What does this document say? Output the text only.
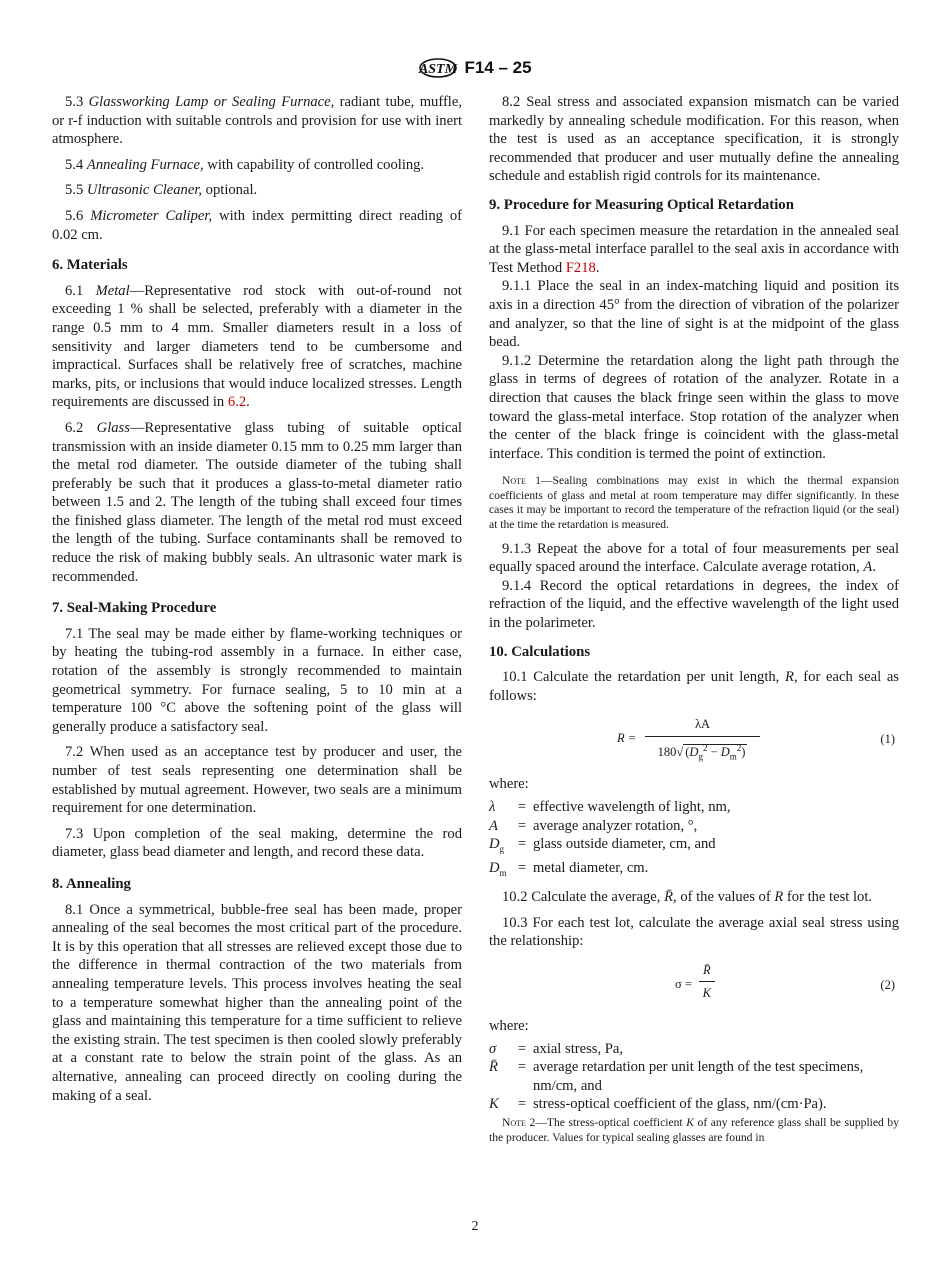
ASTM F14 – 25

5.3 Glassworking Lamp or Sealing Furnace, radiant tube, muffle, or r-f induction with suitable controls and provision for use with inert atmosphere.

5.4 Annealing Furnace, with capability of controlled cooling.

5.5 Ultrasonic Cleaner, optional.

5.6 Micrometer Caliper, with index permitting direct reading of 0.02 cm.

6. Materials

6.1 Metal—Representative rod stock with out-of-round not exceeding 1 % shall be selected, preferably with a diameter in the range 0.5 mm to 4 mm. Smaller diameters result in a loss of sensitivity and larger diameters tend to be cumbersome and impractical. Surfaces shall be relatively free of scratches, machine marks, pits, or inclusions that would induce localized stresses. Length requirements are discussed in 6.2.

6.2 Glass—Representative glass tubing of suitable optical transmission with an inside diameter 0.15 mm to 0.25 mm larger than the metal rod diameter. The outside diameter of the tubing shall preferably be such that it produces a glass-to-metal diameter ratio between 1.5 and 2. The length of the tubing shall exceed four times the finished glass diameter. The length of the metal rod must exceed the length of the tubing. Surface contaminants shall be removed to reduce the risk of making bubbly seals. An ultrasonic water mark is recommended.

7. Seal-Making Procedure

7.1 The seal may be made either by flame-working techniques or by heating the tubing-rod assembly in a furnace. In either case, rotation of the assembly is strongly recommended to maintain geometrical symmetry. For furnace sealing, 5 to 10 min at a temperature 100 °C above the softening point of the glass will generally produce a satisfactory seal.

7.2 When used as an acceptance test by producer and user, the number of test seals representing one determination shall be established by mutual agreement. However, two seals are a minimum requirement for one determination.

7.3 Upon completion of the seal making, determine the rod diameter, glass bead diameter and length, and record these data.

8. Annealing

8.1 Once a symmetrical, bubble-free seal has been made, proper annealing of the seal becomes the most critical part of the procedure. It is by this operation that all stresses are relieved except those due to the difference in thermal contraction of the two materials from annealing temperature levels. This process involves heating the seal to a temperature somewhat higher than the annealing point of the glass and maintaining this temperature for a time sufficient to relieve the existing strain. The test specimen is then cooled slowly preferably at a constant rate to below the strain point of the glass. As an alternative, annealing can proceed directly on cooling during the making of a seal.

8.2 Seal stress and associated expansion mismatch can be varied markedly by annealing schedule modification. For this reason, when the test is used as an acceptance specification, it is strongly recommended that producer and user mutually define the annealing schedule and establish rigid controls for its maintenance.

9. Procedure for Measuring Optical Retardation

9.1 For each specimen measure the retardation in the annealed seal at the glass-metal interface parallel to the seal axis in accordance with Test Method F218.

9.1.1 Place the seal in an index-matching liquid and position its axis in a direction 45° from the direction of vibration of the polarizer and analyzer, so that the line of sight is at the midpoint of the glass bead.

9.1.2 Determine the retardation along the light path through the glass in terms of degrees of rotation of the analyzer. Rotate in a direction that causes the black fringe seen within the glass to move toward the glass-metal interface. Stop rotation of the analyzer when the center of the black fringe is coincident with the glass-metal interface. This condition is termed the point of extinction.

Note 1—Sealing combinations may exist in which the thermal expansion coefficients of glass and metal at room temperature may differ significantly. In these cases it may be important to record the temperature of the refraction liquid (or the seal) at the time the retardation is measured.

9.1.3 Repeat the above for a total of four measurements per seal equally spaced around the interface. Calculate average rotation, A.

9.1.4 Record the optical retardations in degrees, the index of refraction of the liquid, and the effective wavelength of the light used in the polarimeter.

10. Calculations

10.1 Calculate the retardation per unit length, R, for each seal as follows:

$R = \frac{\lambda A}{180√ (D_g^2 - D_m^2)}$	(1)

where:

λ	= effective wavelength of light, nm,
A	= average analyzer rotation, °,
$D_g$ = glass outside diameter, cm, and
$D_m$ = metal diameter, cm.

10.2 Calculate the average, R̄, of the values of R for the test lot.

10.3 For each test lot, calculate the average axial seal stress using the relationship:

$\sigma = \frac{R̄}{K}$	(2)

where:

σ	= axial stress, Pa,
R̄	= average retardation per unit length of the test specimens, nm/cm, and
K	= stress-optical coefficient of the glass, nm/(cm·Pa).

Note 2—The stress-optical coefficient K of any reference glass shall be supplied by the producer. Values for typical sealing glasses are found in

2
